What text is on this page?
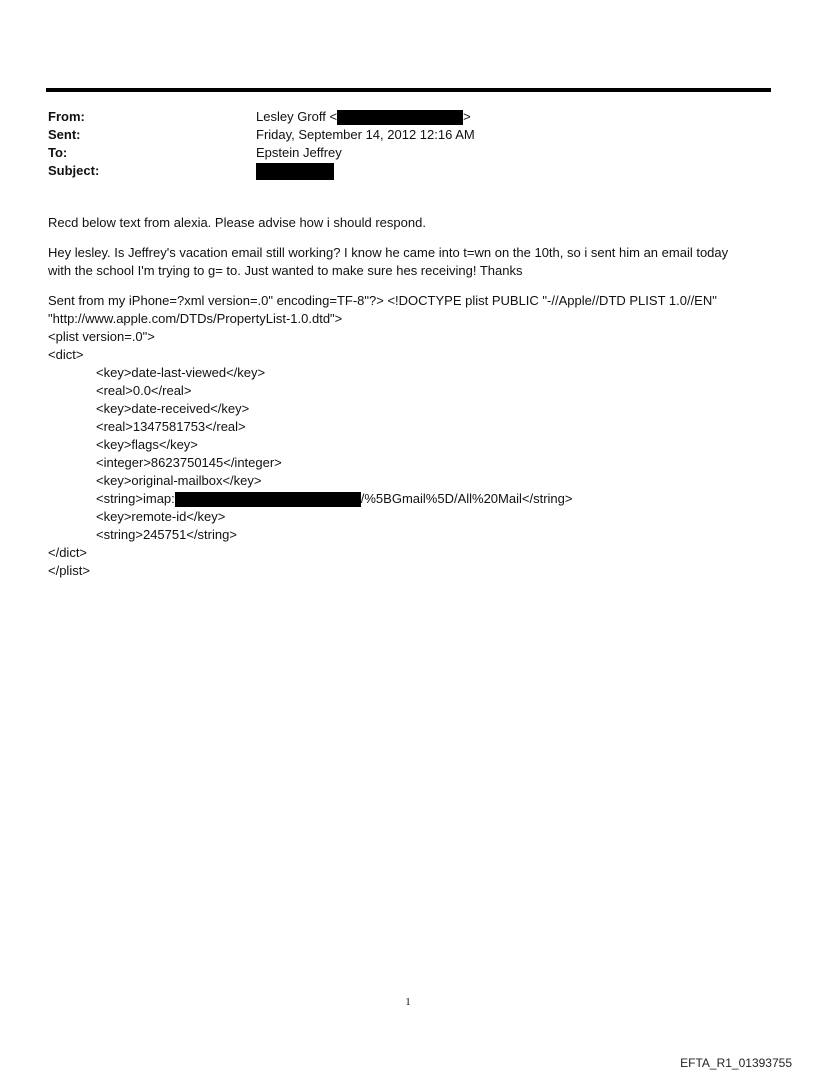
From:	Lesley Groff <	>
Sent:	Friday, September 14, 2012 12:16 AM
To:	Epstein Jeffrey
Subject:

Recd below text from alexia. Please advise how i should respond.

Hey lesley. Is Jeffrey's vacation email still working? I know he came into t=wn on the 10th, so i sent him an email today
with the school I'm trying to g= to. Just wanted to make sure hes receiving! Thanks

Sent from my iPhone=?xml version=.0" encoding=TF-8"?> <!DOCTYPE plist PUBLIC "-//Apple//DTD PLIST 1.0//EN"
"http://www.apple.com/DTDs/PropertyList-1.0.dtd">
<plist version=.0">
<dict>
<key>date-last-viewed</key>
<real>0.0</real>
<key>date-received</key>
<real>1347581753</real>
<key>flags</key>
<integer>8623750145</integer>
<key>original-mailbox</key>
<string>imap:	/%5BGmail%5D/All%20Mail</string>
<key>remote-id</key>
<string>245751</string>
</dict>
</plist>
1
EFTA_R1_01393755
